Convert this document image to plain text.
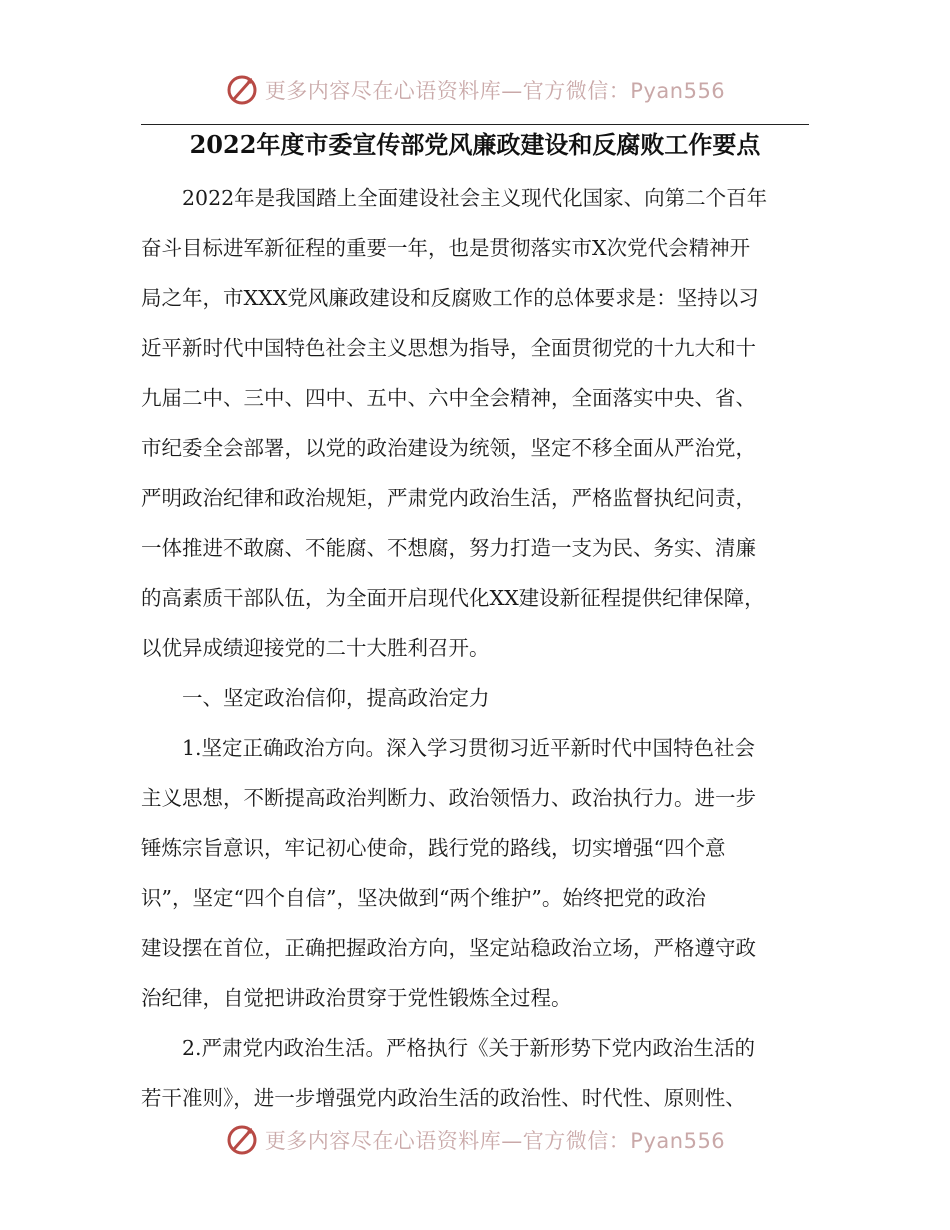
更多内容尽在心语资料库—官方微信：Pyan556
2022年度市委宣传部党风廉政建设和反腐败工作要点
2022年是我国踏上全面建设社会主义现代化国家、向第二个百年
奋斗目标进军新征程的重要一年，也是贯彻落实市X次党代会精神开
局之年，市XXX党风廉政建设和反腐败工作的总体要求是：坚持以习
近平新时代中国特色社会主义思想为指导，全面贯彻党的十九大和十
九届二中、三中、四中、五中、六中全会精神，全面落实中央、省、
市纪委全会部署，以党的政治建设为统领，坚定不移全面从严治党，
严明政治纪律和政治规矩，严肃党内政治生活，严格监督执纪问责，
一体推进不敢腐、不能腐、不想腐，努力打造一支为民、务实、清廉
的高素质干部队伍，为全面开启现代化XX建设新征程提供纪律保障，
以优异成绩迎接党的二十大胜利召开。
一、坚定政治信仰，提高政治定力
1.坚定正确政治方向。深入学习贯彻习近平新时代中国特色社会
主义思想，不断提高政治判断力、政治领悟力、政治执行力。进一步
锤炼宗旨意识，牢记初心使命，践行党的路线，切实增强“四个意
识”，坚定“四个自信”，坚决做到“两个维护”。始终把党的政治
建设摆在首位，正确把握政治方向，坚定站稳政治立场，严格遵守政
治纪律，自觉把讲政治贯穿于党性锻炼全过程。
2.严肃党内政治生活。严格执行《关于新形势下党内政治生活的
若干准则》，进一步增强党内政治生活的政治性、时代性、原则性、
更多内容尽在心语资料库—官方微信：Pyan556
